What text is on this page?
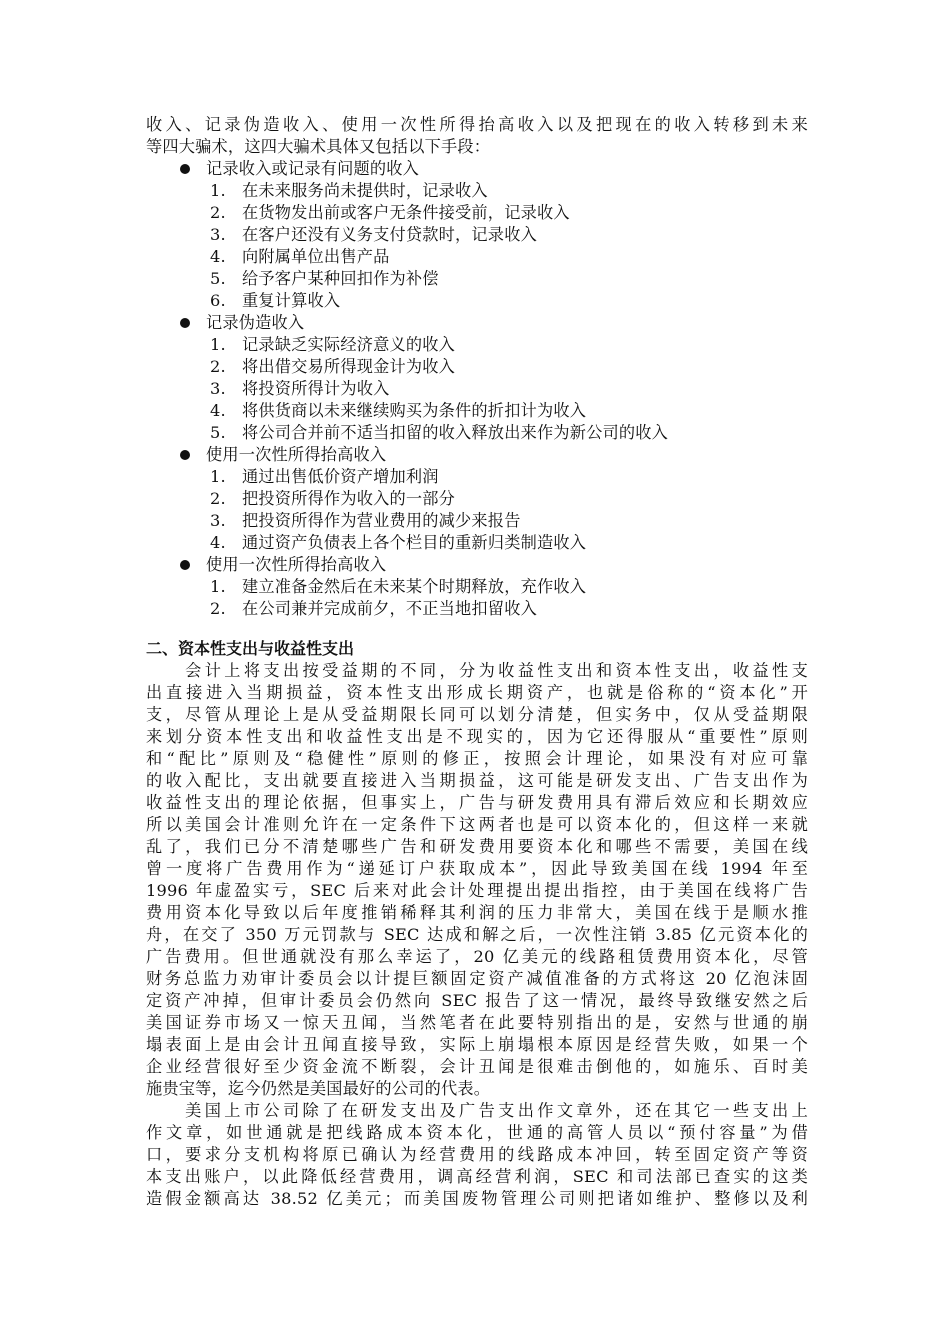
收入、记录伪造收入、使用一次性所得抬高收入以及把现在的收入转移到未来
等四大骗术，这四大骗术具体又包括以下手段：
记录收入或记录有问题的收入
1. 在未来服务尚未提供时，记录收入
2. 在货物发出前或客户无条件接受前，记录收入
3. 在客户还没有义务支付贷款时，记录收入
4. 向附属单位出售产品
5. 给予客户某种回扣作为补偿
6. 重复计算收入
记录伪造收入
1. 记录缺乏实际经济意义的收入
2. 将出借交易所得现金计为收入
3. 将投资所得计为收入
4. 将供货商以未来继续购买为条件的折扣计为收入
5. 将公司合并前不适当扣留的收入释放出来作为新公司的收入
使用一次性所得抬高收入
1. 通过出售低价资产增加利润
2. 把投资所得作为收入的一部分
3. 把投资所得作为营业费用的减少来报告
4. 通过资产负债表上各个栏目的重新归类制造收入
使用一次性所得抬高收入
1. 建立准备金然后在未来某个时期释放，充作收入
2. 在公司兼并完成前夕，不正当地扣留收入
二、资本性支出与收益性支出
　　会计上将支出按受益期的不同，分为收益性支出和资本性支出，收益性支
出直接进入当期损益，资本性支出形成长期资产，也就是俗称的“资本化”开
支，尽管从理论上是从受益期限长同可以划分清楚，但实务中，仅从受益期限
来划分资本性支出和收益性支出是不现实的，因为它还得服从“重要性”原则
和“配比”原则及“稳健性”原则的修正，按照会计理论，如果没有对应可靠
的收入配比，支出就要直接进入当期损益，这可能是研发支出、广告支出作为
收益性支出的理论依据，但事实上，广告与研发费用具有滞后效应和长期效应
所以美国会计准则允许在一定条件下这两者也是可以资本化的，但这样一来就
乱了，我们已分不清楚哪些广告和研发费用要资本化和哪些不需要，美国在线
曾一度将广告费用作为“递延订户获取成本”，因此导致美国在线 1994 年至
1996 年虚盈实亏，SEC 后来对此会计处理提出提出指控，由于美国在线将广告
费用资本化导致以后年度推销稀释其利润的压力非常大，美国在线于是顺水推
舟，在交了 350 万元罚款与 SEC 达成和解之后，一次性注销 3.85 亿元资本化的
广告费用。但世通就没有那么幸运了，20 亿美元的线路租赁费用资本化，尽管
财务总监力劝审计委员会以计提巨额固定资产减值准备的方式将这 20 亿泡沫固
定资产冲掉，但审计委员会仍然向 SEC 报告了这一情况，最终导致继安然之后
美国证券市场又一惊天丑闻，当然笔者在此要特别指出的是，安然与世通的崩
塌表面上是由会计丑闻直接导致，实际上崩塌根本原因是经营失败，如果一个
企业经营很好至少资金流不断裂，会计丑闻是很难击倒他的，如施乐、百时美
施贵宝等，迄今仍然是美国最好的公司的代表。
　　美国上市公司除了在研发支出及广告支出作文章外，还在其它一些支出上
作文章，如世通就是把线路成本资本化，世通的高管人员以“预付容量”为借
口，要求分支机构将原已确认为经营费用的线路成本冲回，转至固定资产等资
本支出账户，以此降低经营费用，调高经营利润，SEC 和司法部已查实的这类
造假金额高达 38.52 亿美元；而美国废物管理公司则把诸如维护、整修以及利
